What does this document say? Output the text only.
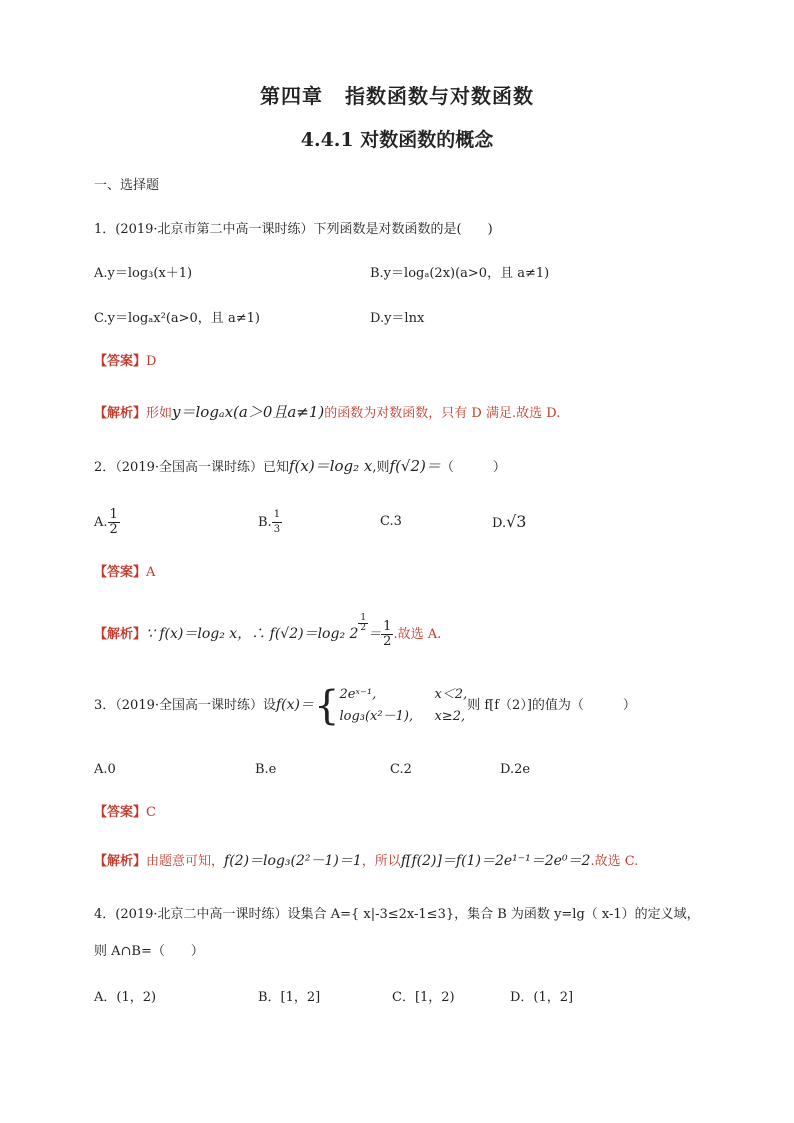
第四章 指数函数与对数函数
4.4.1 对数函数的概念
一、选择题
1．(2019·北京市第二中高一课时练）下列函数是对数函数的是(　　)
A.y＝log₃(x＋1)	B.y＝logₐ(2x)(a>0，且 a≠1)
C.y＝logₐx²(a>0，且 a≠1)	D.y＝lnx
【答案】D
【解析】形如y＝logₐx(a＞0且a≠1)的函数为对数函数，只有 D 满足.故选 D.
2．（2019·全国高一课时练）已知f(x)＝log₂ x,则f(√2)＝（　　　）
A. $\frac{1}{2}$	B. $\frac{1}{3}$	C.3	D.√3
【答案】A
【解析】∵ f(x)＝log₂ x，∴ f(√2)＝log₂ 2
$\frac{1}{2}$
＝ $\frac{1}{2}$ .故选 A.
3．（2019·全国高一课时练）设f(x)＝{ 2eˣ⁻¹,	x＜2,
log₃(x²－1), x≥2,
则 f[f（2）]的值为（　　　）
A.0	B.e	C.2	D.2e
【答案】C
【解析】由题意可知，f(2)＝log₃(2²－1)＝1，所以f[f(2)]＝f(1)＝2e¹⁻¹＝2e⁰＝2.故选 C.
4．(2019·北京二中高一课时练）设集合 A={ x|-3≤2x-1≤3}，集合 B 为函数 y=lg（ x-1）的定义域，
则 A∩B=（　　）
A．(1，2)	B．[1，2]	C．[1，2)	D．(1，2]
